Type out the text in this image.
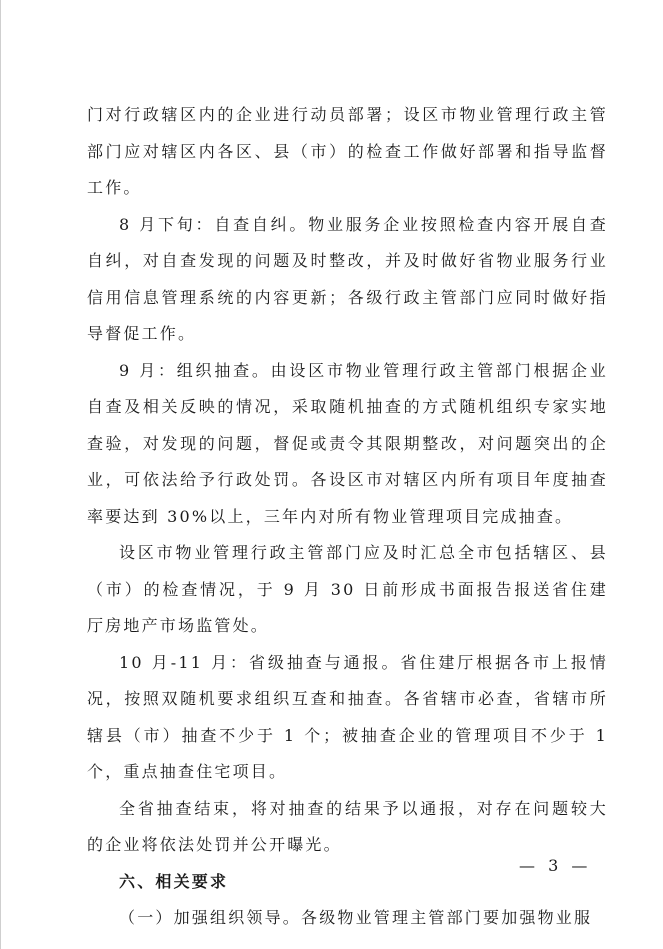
门对行政辖区内的企业进行动员部署；设区市物业管理行政主管部门应对辖区内各区、县（市）的检查工作做好部署和指导监督工作。

8 月下旬：自查自纠。物业服务企业按照检查内容开展自查自纠，对自查发现的问题及时整改，并及时做好省物业服务行业信用信息管理系统的内容更新；各级行政主管部门应同时做好指导督促工作。

9 月：组织抽查。由设区市物业管理行政主管部门根据企业自查及相关反映的情况，采取随机抽查的方式随机组织专家实地查验，对发现的问题，督促或责令其限期整改，对问题突出的企业，可依法给予行政处罚。各设区市对辖区内所有项目年度抽查率要达到 30%以上，三年内对所有物业管理项目完成抽查。

设区市物业管理行政主管部门应及时汇总全市包括辖区、县（市）的检查情况，于 9 月 30 日前形成书面报告报送省住建厅房地产市场监管处。

10 月-11 月：省级抽查与通报。省住建厅根据各市上报情况，按照双随机要求组织互查和抽查。各省辖市必查，省辖市所辖县（市）抽查不少于 1 个；被抽查企业的管理项目不少于 1 个，重点抽查住宅项目。

全省抽查结束，将对抽查的结果予以通报，对存在问题较大的企业将依法处罚并公开曝光。

六、相关要求

（一）加强组织领导。各级物业管理主管部门要加强物业服

— 3 —
